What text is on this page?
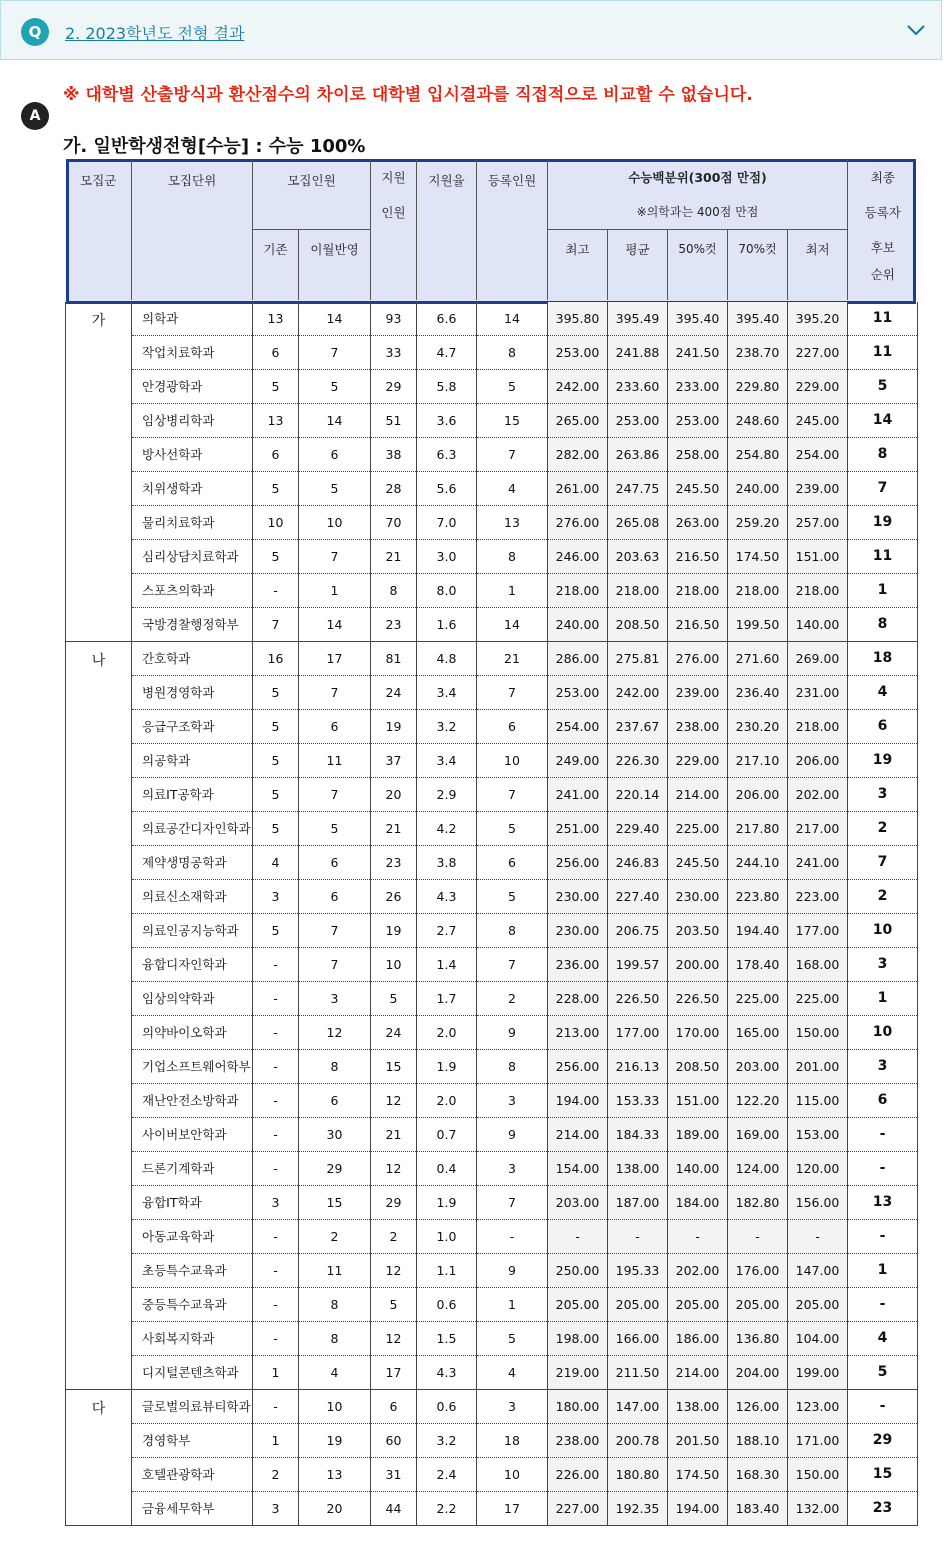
Q	2. 2023학년도 전형 결과
※ 대학별 산출방식과 환산점수의 차이로 대학별 입시결과를 직접적으로 비교할 수 없습니다.
A
가. 일반학생전형[수능] : 수능 100%
모집군	모집단위	모집인원		지원	지원율	등록인원	수능백분위(300점 만점)					최종
				인원			※의학과는 400점 만점					등록자
		기존	이월반영				최고	평균	50%컷	70%컷	최저	후보
												순위

가	의학과	13	14	93	6.6	14	395.80	395.49	395.40	395.40	395.20	11
	작업치료학과	6	7	33	4.7	8	253.00	241.88	241.50	238.70	227.00	11
	안경광학과	5	5	29	5.8	5	242.00	233.60	233.00	229.80	229.00	5
	임상병리학과	13	14	51	3.6	15	265.00	253.00	253.00	248.60	245.00	14
	방사선학과	6	6	38	6.3	7	282.00	263.86	258.00	254.80	254.00	8
	치위생학과	5	5	28	5.6	4	261.00	247.75	245.50	240.00	239.00	7
	물리치료학과	10	10	70	7.0	13	276.00	265.08	263.00	259.20	257.00	19
	심리상담치료학과	5	7	21	3.0	8	246.00	203.63	216.50	174.50	151.00	11
	스포츠의학과	-	1	8	8.0	1	218.00	218.00	218.00	218.00	218.00	1
	국방경찰행정학부	7	14	23	1.6	14	240.00	208.50	216.50	199.50	140.00	8
나	간호학과	16	17	81	4.8	21	286.00	275.81	276.00	271.60	269.00	18
	병원경영학과	5	7	24	3.4	7	253.00	242.00	239.00	236.40	231.00	4
	응급구조학과	5	6	19	3.2	6	254.00	237.67	238.00	230.20	218.00	6
	의공학과	5	11	37	3.4	10	249.00	226.30	229.00	217.10	206.00	19
	의료IT공학과	5	7	20	2.9	7	241.00	220.14	214.00	206.00	202.00	3
	의료공간디자인학과	5	5	21	4.2	5	251.00	229.40	225.00	217.80	217.00	2
	제약생명공학과	4	6	23	3.8	6	256.00	246.83	245.50	244.10	241.00	7
	의료신소재학과	3	6	26	4.3	5	230.00	227.40	230.00	223.80	223.00	2
	의료인공지능학과	5	7	19	2.7	8	230.00	206.75	203.50	194.40	177.00	10
	융합디자인학과	-	7	10	1.4	7	236.00	199.57	200.00	178.40	168.00	3
	임상의약학과	-	3	5	1.7	2	228.00	226.50	226.50	225.00	225.00	1
	의약바이오학과	-	12	24	2.0	9	213.00	177.00	170.00	165.00	150.00	10
	기업소프트웨어학부	-	8	15	1.9	8	256.00	216.13	208.50	203.00	201.00	3
	재난안전소방학과	-	6	12	2.0	3	194.00	153.33	151.00	122.20	115.00	6
	사이버보안학과	-	30	21	0.7	9	214.00	184.33	189.00	169.00	153.00	-
	드론기계학과	-	29	12	0.4	3	154.00	138.00	140.00	124.00	120.00	-
	융합IT학과	3	15	29	1.9	7	203.00	187.00	184.00	182.80	156.00	13
	아동교육학과	-	2	2	1.0	-	-	-	-	-	-	-
	초등특수교육과	-	11	12	1.1	9	250.00	195.33	202.00	176.00	147.00	1
	중등특수교육과	-	8	5	0.6	1	205.00	205.00	205.00	205.00	205.00	-
	사회복지학과	-	8	12	1.5	5	198.00	166.00	186.00	136.80	104.00	4
	디지털콘텐츠학과	1	4	17	4.3	4	219.00	211.50	214.00	204.00	199.00	5
다	글로벌의료뷰티학과	-	10	6	0.6	3	180.00	147.00	138.00	126.00	123.00	-
	경영학부	1	19	60	3.2	18	238.00	200.78	201.50	188.10	171.00	29
	호텔관광학과	2	13	31	2.4	10	226.00	180.80	174.50	168.30	150.00	15
	금융세무학부	3	20	44	2.2	17	227.00	192.35	194.00	183.40	132.00	23
